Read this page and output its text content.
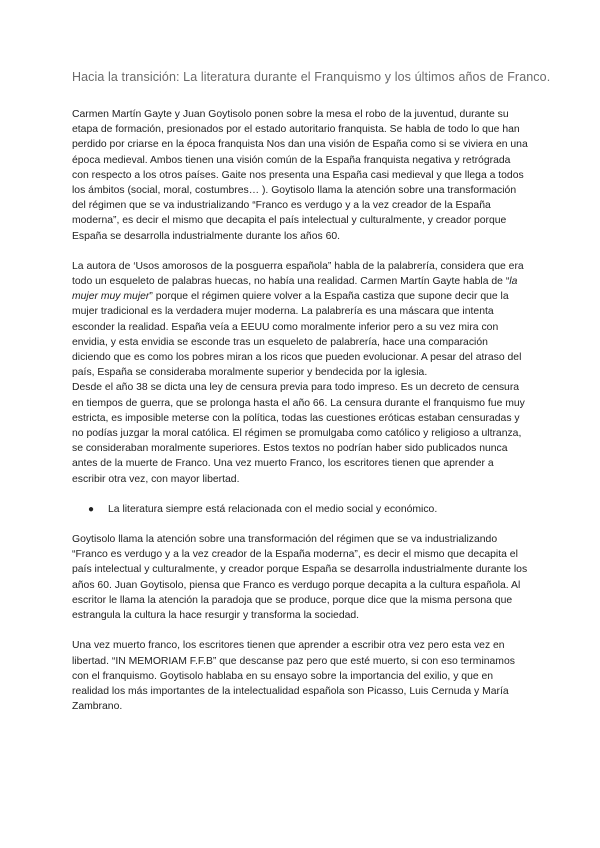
Hacia la transición: La literatura durante el Franquismo y los últimos años de Franco.

Carmen Martín Gayte y Juan Goytisolo ponen sobre la mesa el robo de la juventud, durante su etapa de formación, presionados por el estado autoritario franquista. Se habla de todo lo que han perdido por criarse en la época franquista Nos dan una visión de España como si se viviera en una época medieval. Ambos tienen una visión común de la España franquista negativa y retrógrada con respecto a los otros países. Gaite nos presenta una España casi medieval y que llega a todos los ámbitos (social, moral, costumbres… ). Goytisolo llama la atención sobre una transformación del régimen que se va industrializando “Franco es verdugo y a la vez creador de la España moderna”, es decir el mismo que decapita el país intelectual y culturalmente, y creador porque España se desarrolla industrialmente durante los años 60.

La autora de ‘Usos amorosos de la posguerra española” habla de la palabrería, considera que era todo un esqueleto de palabras huecas, no había una realidad. Carmen Martín Gayte habla de “la mujer muy mujer” porque el régimen quiere volver a la España castiza que supone decir que la mujer tradicional es la verdadera mujer moderna. La palabrería es una máscara que intenta esconder la realidad. España veía a EEUU como moralmente inferior pero a su vez mira con envidia, y esta envidia se esconde tras un esqueleto de palabrería, hace una comparación diciendo que es como los pobres miran a los ricos que pueden evolucionar. A pesar del atraso del país, España se consideraba moralmente superior y bendecida por la iglesia.

Desde el año 38 se dicta una ley de censura previa para todo impreso. Es un decreto de censura en tiempos de guerra, que se prolonga hasta el año 66. La censura durante el franquismo fue muy estricta, es imposible meterse con la política, todas las cuestiones eróticas estaban censuradas y no podías juzgar la moral católica. El régimen se promulgaba como católico y religioso a ultranza, se consideraban moralmente superiores. Estos textos no podrían haber sido publicados nunca antes de la muerte de Franco. Una vez muerto Franco, los escritores tienen que aprender a escribir otra vez, con mayor libertad.

● La literatura siempre está relacionada con el medio social y económico.

Goytisolo llama la atención sobre una transformación del régimen que se va industrializando “Franco es verdugo y a la vez creador de la España moderna”, es decir el mismo que decapita el país intelectual y culturalmente, y creador porque España se desarrolla industrialmente durante los años 60. Juan Goytisolo, piensa que Franco es verdugo porque decapita a la cultura española. Al escritor le llama la atención la paradoja que se produce, porque dice que la misma persona que estrangula la cultura la hace resurgir y transforma la sociedad.

Una vez muerto franco, los escritores tienen que aprender a escribir otra vez pero esta vez en libertad. “IN MEMORIAM F.F.B” que descanse paz pero que esté muerto, si con eso terminamos con el franquismo. Goytisolo hablaba en su ensayo sobre la importancia del exilio, y que en realidad los más importantes de la intelectualidad española son Picasso, Luis Cernuda y María Zambrano.
